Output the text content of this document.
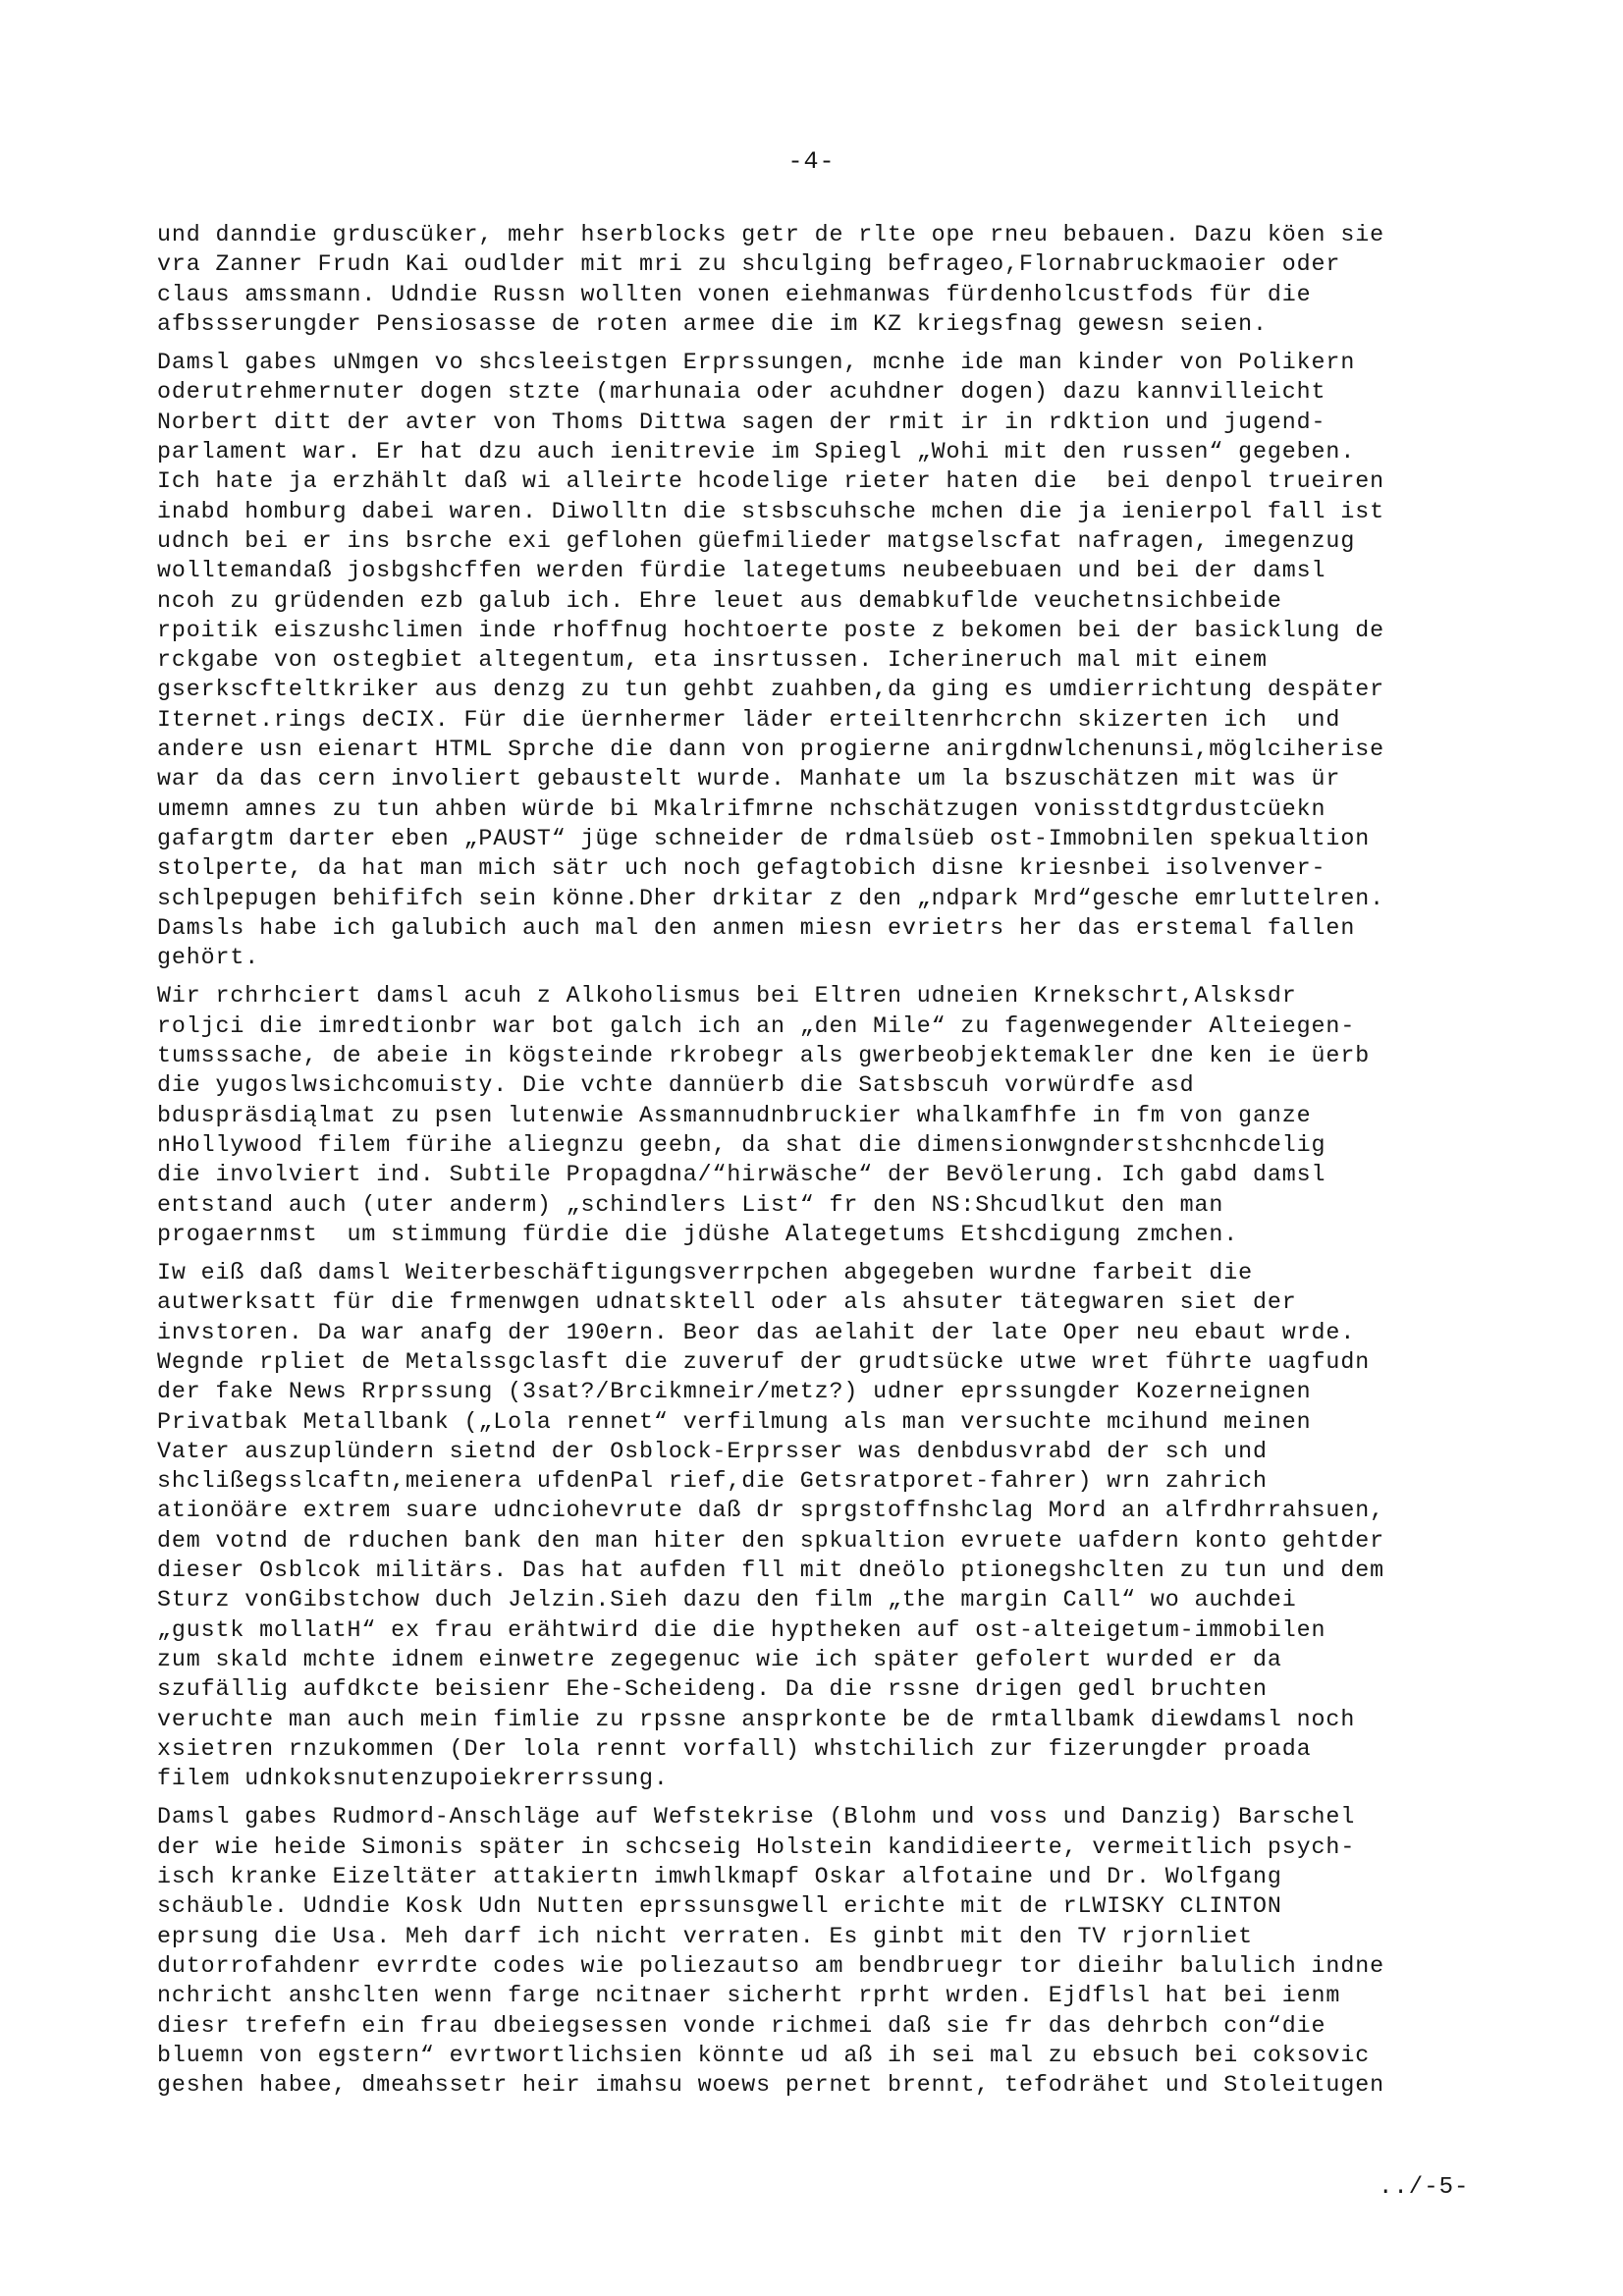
-4-
und danndie grduscüker, mehr hserblocks getr de rlte ope rneu bebauen. Dazu köen sie
vra Zanner Frudn Kai oudlder mit mri zu shculging befrageo,Flornabruckmaoier oder
claus amssmann. Udndie Russn wollten vonen eiehmanwas fürdenholcustfods für die
afbssserungder Pensiosasse de roten armee die im KZ kriegsfnag gewesn seien.
Damsl gabes uNmgen vo shcsleeistgen Erprssungen, mcnhe ide man kinder von Polikern
oderutrehmernuter dogen stzte (marhunaia oder acuhdner dogen) dazu kannvilleicht
Norbert ditt der avter von Thoms Dittwa sagen der rmit ir in rdktion und jugend-
parlament war. Er hat dzu auch ienitrevie im Spiegl „Wohi mit den russen“ gegeben.
Ich hate ja erzhählt daß wi alleirte hcodelige rieter haten die  bei denpol trueiren
inabd homburg dabei waren. Diwolltn die stsbscuhsche mchen die ja ienierpol fall ist
udnch bei er ins bsrche exi geflohen güefmilieder matgselscfat nafragen, imegenzug
wolltemandaß josbgshcffen werden fürdie lategetums neubeebuaen und bei der damsl
ncoh zu grüdenden ezb galub ich. Ehre leuet aus demabkuflde veuchetnsichbeide
rpoitik eiszushclimen inde rhoffnug hochtoerte poste z bekomen bei der basicklung de
rckgabe von ostegbiet altegentum, eta insrtussen. Icherineruch mal mit einem
gserkscfteltkriker aus denzg zu tun gehbt zuahben,da ging es umdierrichtung despäter
Iternet.rings deCIX. Für die üernhermer läder erteiltenrhcrchn skizerten ich  und
andere usn eienart HTML Sprche die dann von progierne anirgdnwlchenunsi,möglciherise
war da das cern involiert gebaustelt wurde. Manhate um la bszuschätzen mit was ür
umemn amnes zu tun ahben würde bi Mkalrifmrne nchschätzugen vonisstdtgrdustcüekn
gafargtm darter eben „PAUST“ jüge schneider de rdmalsüeb ost-Immobnilen spekualtion
stolperte, da hat man mich sätr uch noch gefagtobich disne kriesnbei isolvenver-
schlpepugen behififch sein könne.Dher drkitar z den „ndpark Mrd“gesche emrluttelren.
Damsls habe ich galubich auch mal den anmen miesn evrietrs her das erstemal fallen
gehört.
Wir rchrhciert damsl acuh z Alkoholismus bei Eltren udneien Krnekschrt,Alsksdr
roljci die imredtionbr war bot galch ich an „den Mile“ zu fagenwegender Alteiegen-
tumsssache, de abeie in kögsteinde rkrobegr als gwerbeobjektemakler dne ken ie üerb
die yugoslwsichcomuisty. Die vchte dannüerb die Satsbscuh vorwürdfe asd
bduspräsdiąlmat zu psen lutenwie Assmannudnbruckier whalkamfhfe in fm von ganze
nHollywood filem fürihe aliegnzu geebn, da shat die dimensionwgnderstshcnhcdelig
die involviert ind. Subtile Propagdna/“hirwäsche“ der Bevölerung. Ich gabd damsl
entstand auch (uter anderm) „schindlers List“ fr den NS:Shcudlkut den man
progaernmst  um stimmung fürdie die jdüshe Alategetums Etshcdigung zmchen.
Iw eiß daß damsl Weiterbeschäftigungsverrpchen abgegeben wurdne farbeit die
autwerksatt für die frmenwgen udnatsktell oder als ahsuter tätegwaren siet der
invstoren. Da war anafg der 190ern. Beor das aelahit der late Oper neu ebaut wrde.
Wegnde rpliet de Metalssgclasft die zuveruf der grudtsücke utwe wret führte uagfudn
der fake News Rrprssung (3sat?/Brcikmneir/metz?) udner eprssungder Kozerneignen
Privatbak Metallbank („Lola rennet“ verfilmung als man versuchte mcihund meinen
Vater auszuplündern sietnd der Osblock-Erprsser was denbdusvrabd der sch und
shclißegsslcaftn,meienera ufdenPal rief,die Getsratporet-fahrer) wrn zahrich
ationöäre extrem suare udnciohevrute daß dr sprgstoffnshclag Mord an alfrdhrrahsuen,
dem votnd de rduchen bank den man hiter den spkualtion evruete uafdern konto gehtder
dieser Osblcok militärs. Das hat aufden fll mit dneölo ptionegshclten zu tun und dem
Sturz vonGibstchow duch Jelzin.Sieh dazu den film „the margin Call“ wo auchdei
„gustk mollatH“ ex frau erähtwird die die hyptheken auf ost-alteigetum-immobilen
zum skald mchte idnem einwetre zegegenuc wie ich später gefolert wurded er da
szufällig aufdkcte beisienr Ehe-Scheideng. Da die rssne drigen gedl bruchten
veruchte man auch mein fimlie zu rpssne ansprkonte be de rmtallbamk diewdamsl noch
xsietren rnzukommen (Der lola rennt vorfall) whstchilich zur fizerungder proada
filem udnkoksnutenzupoiekrerrssung.
Damsl gabes Rudmord-Anschläge auf Wefstekrise (Blohm und voss und Danzig) Barschel
der wie heide Simonis später in schcseig Holstein kandidieerte, vermeitlich psych-
isch kranke Eizeltäter attakiertn imwhlkmapf Oskar alfotaine und Dr. Wolfgang
schäuble. Udndie Kosk Udn Nutten eprssunsgwell erichte mit de rLWISKY CLINTON
eprsung die Usa. Meh darf ich nicht verraten. Es ginbt mit den TV rjornliet
dutorrofahdenr evrrdte codes wie poliezautso am bendbruegr tor dieihr balulich indne
nchricht anshclten wenn farge ncitnaer sicherht rprht wrden. Ejdflsl hat bei ienm
diesr trefefn ein frau dbeiegsessen vonde richmei daß sie fr das dehrbch con“die
bluemn von egstern“ evrtwortlichsien könnte ud aß ih sei mal zu ebsuch bei coksovic
geshen habee, dmeahssetr heir imahsu woews pernet brennt, tefodrähet und Stoleitugen
../-5-
